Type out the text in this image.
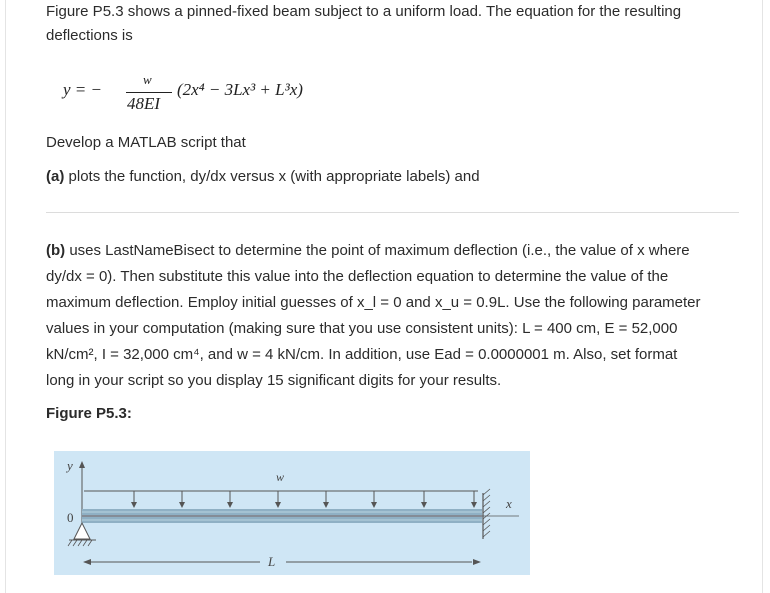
Figure P5.3 shows a pinned-fixed beam subject to a uniform load. The equation for the resulting deflections is

y = −
w
48EI
(2x⁴ − 3Lx³ + L³x)

Develop a MATLAB script that

(a) plots the function, dy/dx versus x (with appropriate labels) and

(b) uses LastNameBisect to determine the point of maximum deflection (i.e., the value of x where
dy/dx = 0). Then substitute this value into the deflection equation to determine the value of the
maximum deflection. Employ initial guesses of x_l = 0 and x_u = 0.9L. Use the following parameter
values in your computation (making sure that you use consistent units): L = 400 cm, E = 52,000
kN/cm², I = 32,000 cm⁴, and w = 4 kN/cm. In addition, use Ead = 0.0000001 m. Also, set format
long in your script so you display 15 significant digits for your results.

Figure P5.3:

y
0
w
x
L
